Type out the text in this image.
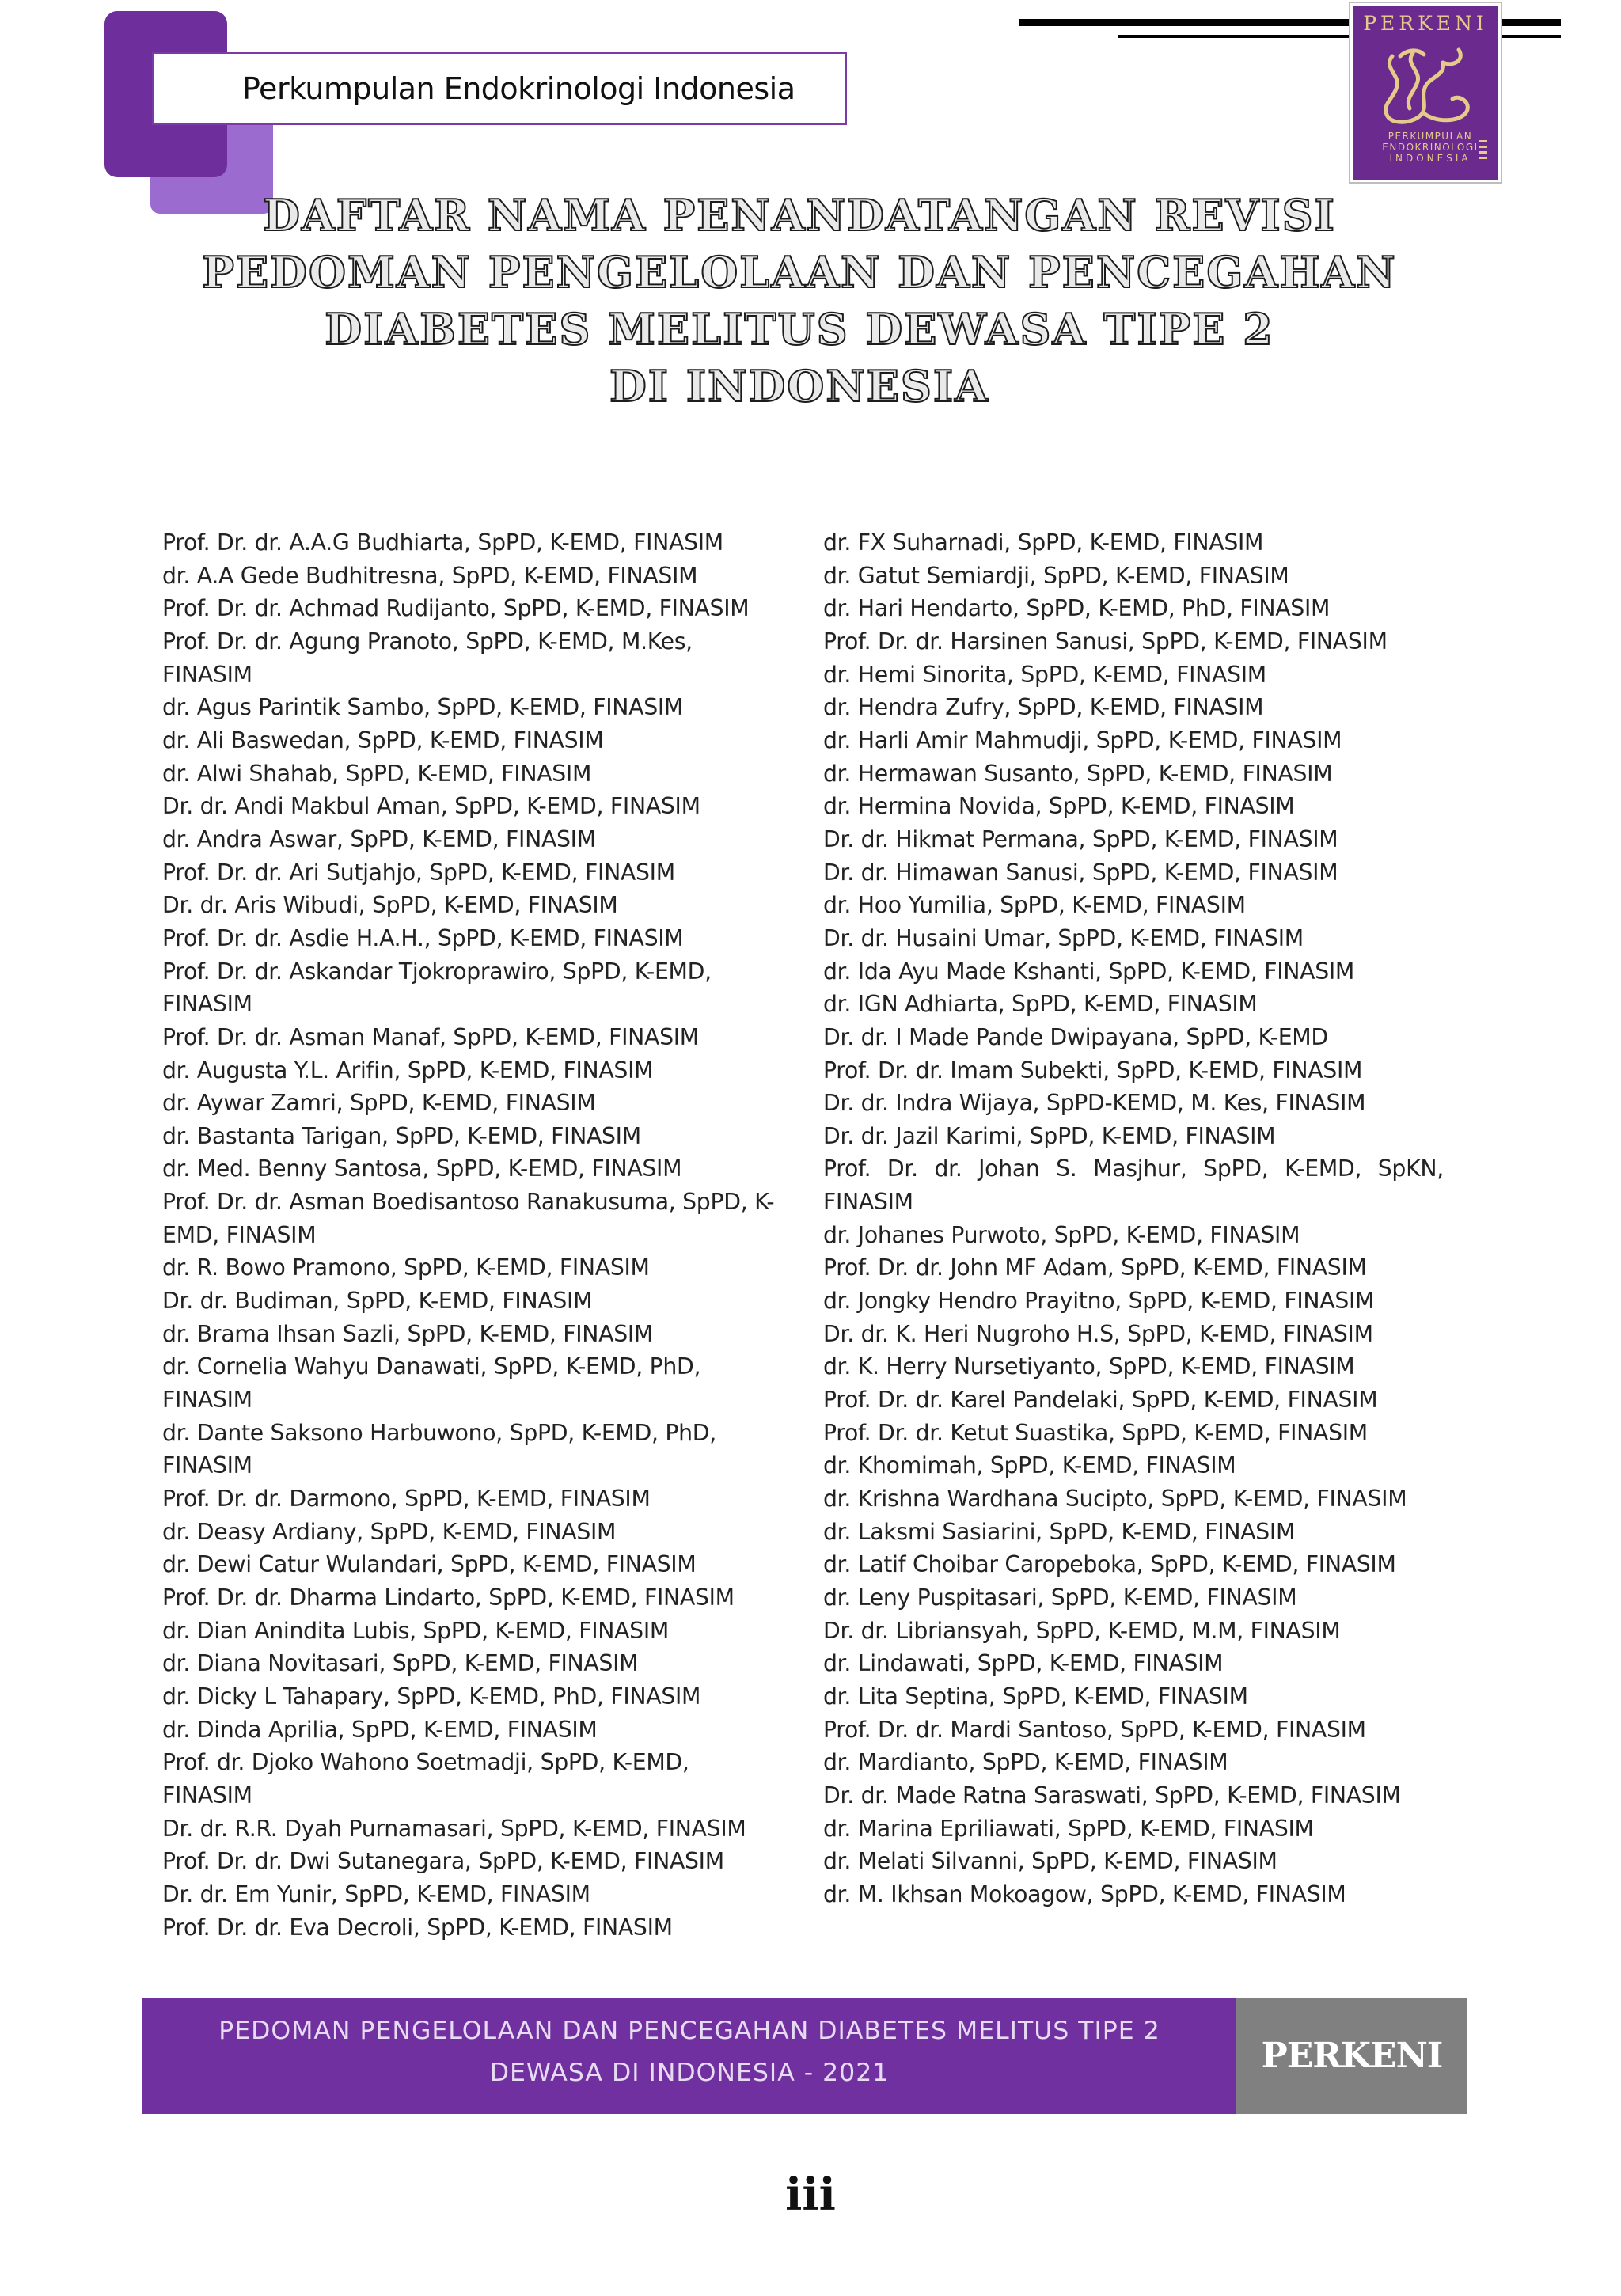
Perkumpulan Endokrinologi Indonesia
PERKENI
PERKUMPULAN
ENDOKRINOLOGI
INDONESIA
DAFTAR NAMA PENANDATANGAN REVISI
PEDOMAN PENGELOLAAN DAN PENCEGAHAN
DIABETES MELITUS DEWASA TIPE 2
DI INDONESIA
Prof. Dr. dr. A.A.G Budhiarta, SpPD, K-EMD, FINASIM
dr. A.A Gede Budhitresna, SpPD, K-EMD, FINASIM
Prof. Dr. dr. Achmad Rudijanto, SpPD, K-EMD, FINASIM
Prof. Dr. dr. Agung Pranoto, SpPD, K-EMD, M.Kes,
FINASIM
dr. Agus Parintik Sambo, SpPD, K-EMD, FINASIM
dr. Ali Baswedan, SpPD, K-EMD, FINASIM
dr. Alwi Shahab, SpPD, K-EMD, FINASIM
Dr. dr. Andi Makbul Aman, SpPD, K-EMD, FINASIM
dr. Andra Aswar, SpPD, K-EMD, FINASIM
Prof. Dr. dr. Ari Sutjahjo, SpPD, K-EMD, FINASIM
Dr. dr. Aris Wibudi, SpPD, K-EMD, FINASIM
Prof. Dr. dr. Asdie H.A.H., SpPD, K-EMD, FINASIM
Prof. Dr. dr. Askandar Tjokroprawiro, SpPD, K-EMD,
FINASIM
Prof. Dr. dr. Asman Manaf, SpPD, K-EMD, FINASIM
dr. Augusta Y.L. Arifin, SpPD, K-EMD, FINASIM
dr. Aywar Zamri, SpPD, K-EMD, FINASIM
dr. Bastanta Tarigan, SpPD, K-EMD, FINASIM
dr. Med. Benny Santosa, SpPD, K-EMD, FINASIM
Prof. Dr. dr. Asman Boedisantoso Ranakusuma, SpPD, K-
EMD, FINASIM
dr. R. Bowo Pramono, SpPD, K-EMD, FINASIM
Dr. dr. Budiman, SpPD, K-EMD, FINASIM
dr. Brama Ihsan Sazli, SpPD, K-EMD, FINASIM
dr. Cornelia Wahyu Danawati, SpPD, K-EMD, PhD,
FINASIM
dr. Dante Saksono Harbuwono, SpPD, K-EMD, PhD,
FINASIM
Prof. Dr. dr. Darmono, SpPD, K-EMD, FINASIM
dr. Deasy Ardiany, SpPD, K-EMD, FINASIM
dr. Dewi Catur Wulandari, SpPD, K-EMD, FINASIM
Prof. Dr. dr. Dharma Lindarto, SpPD, K-EMD, FINASIM
dr. Dian Anindita Lubis, SpPD, K-EMD, FINASIM
dr. Diana Novitasari, SpPD, K-EMD, FINASIM
dr. Dicky L Tahapary, SpPD, K-EMD, PhD, FINASIM
dr. Dinda Aprilia, SpPD, K-EMD, FINASIM
Prof. dr. Djoko Wahono Soetmadji, SpPD, K-EMD,
FINASIM
Dr. dr. R.R. Dyah Purnamasari, SpPD, K-EMD, FINASIM
Prof. Dr. dr. Dwi Sutanegara, SpPD, K-EMD, FINASIM
Dr. dr. Em Yunir, SpPD, K-EMD, FINASIM
Prof. Dr. dr. Eva Decroli, SpPD, K-EMD, FINASIM
dr. FX Suharnadi, SpPD, K-EMD, FINASIM
dr. Gatut Semiardji, SpPD, K-EMD, FINASIM
dr. Hari Hendarto, SpPD, K-EMD, PhD, FINASIM
Prof. Dr. dr. Harsinen Sanusi, SpPD, K-EMD, FINASIM
dr. Hemi Sinorita, SpPD, K-EMD, FINASIM
dr. Hendra Zufry, SpPD, K-EMD, FINASIM
dr. Harli Amir Mahmudji, SpPD, K-EMD, FINASIM
dr. Hermawan Susanto, SpPD, K-EMD, FINASIM
dr. Hermina Novida, SpPD, K-EMD, FINASIM
Dr. dr. Hikmat Permana, SpPD, K-EMD, FINASIM
Dr. dr. Himawan Sanusi, SpPD, K-EMD, FINASIM
dr. Hoo Yumilia, SpPD, K-EMD, FINASIM
Dr. dr. Husaini Umar, SpPD, K-EMD, FINASIM
dr. Ida Ayu Made Kshanti, SpPD, K-EMD, FINASIM
dr. IGN Adhiarta, SpPD, K-EMD, FINASIM
Dr. dr. I Made Pande Dwipayana, SpPD, K-EMD
Prof. Dr. dr. Imam Subekti, SpPD, K-EMD, FINASIM
Dr. dr. Indra Wijaya, SpPD-KEMD, M. Kes, FINASIM
Dr. dr. Jazil Karimi, SpPD, K-EMD, FINASIM
Prof. Dr. dr. Johan S. Masjhur, SpPD, K-EMD, SpKN,
FINASIM
dr. Johanes Purwoto, SpPD, K-EMD, FINASIM
Prof. Dr. dr. John MF Adam, SpPD, K-EMD, FINASIM
dr. Jongky Hendro Prayitno, SpPD, K-EMD, FINASIM
Dr. dr. K. Heri Nugroho H.S, SpPD, K-EMD, FINASIM
dr. K. Herry Nursetiyanto, SpPD, K-EMD, FINASIM
Prof. Dr. dr. Karel Pandelaki, SpPD, K-EMD, FINASIM
Prof. Dr. dr. Ketut Suastika, SpPD, K-EMD, FINASIM
dr. Khomimah, SpPD, K-EMD, FINASIM
dr. Krishna Wardhana Sucipto, SpPD, K-EMD, FINASIM
dr. Laksmi Sasiarini, SpPD, K-EMD, FINASIM
dr. Latif Choibar Caropeboka, SpPD, K-EMD, FINASIM
dr. Leny Puspitasari, SpPD, K-EMD, FINASIM
Dr. dr. Libriansyah, SpPD, K-EMD, M.M, FINASIM
dr. Lindawati, SpPD, K-EMD, FINASIM
dr. Lita Septina, SpPD, K-EMD, FINASIM
Prof. Dr. dr. Mardi Santoso, SpPD, K-EMD, FINASIM
dr. Mardianto, SpPD, K-EMD, FINASIM
Dr. dr. Made Ratna Saraswati, SpPD, K-EMD, FINASIM
dr. Marina Epriliawati, SpPD, K-EMD, FINASIM
dr. Melati Silvanni, SpPD, K-EMD, FINASIM
dr. M. Ikhsan Mokoagow, SpPD, K-EMD, FINASIM
PEDOMAN PENGELOLAAN DAN PENCEGAHAN DIABETES MELITUS TIPE 2
DEWASA DI INDONESIA - 2021	PERKENI
iii
